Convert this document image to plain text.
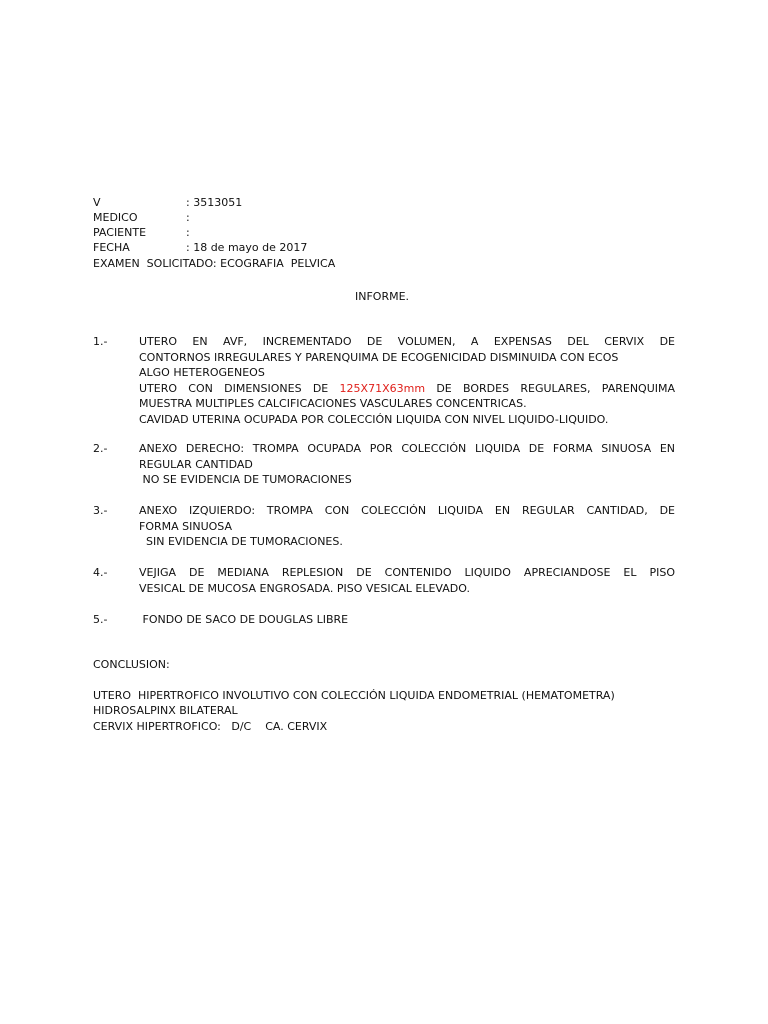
V	: 3513051
MEDICO	:
PACIENTE	:
FECHA	: 18 de mayo de 2017
EXAMEN  SOLICITADO: ECOGRAFIA  PELVICA
INFORME.
1.-	UTERO EN AVF, INCREMENTADO DE VOLUMEN, A EXPENSAS DEL CERVIX DE
CONTORNOS IRREGULARES Y PARENQUIMA DE ECOGENICIDAD DISMINUIDA CON ECOS
ALGO HETEROGENEOS
UTERO CON DIMENSIONES DE 125X71X63mm DE BORDES REGULARES, PARENQUIMA
MUESTRA MULTIPLES CALCIFICACIONES VASCULARES CONCENTRICAS.
CAVIDAD UTERINA OCUPADA POR COLECCIÓN LIQUIDA CON NIVEL LIQUIDO-LIQUIDO.
2.-	ANEXO DERECHO: TROMPA OCUPADA POR COLECCIÓN LIQUIDA DE FORMA SINUOSA EN
REGULAR CANTIDAD
NO SE EVIDENCIA DE TUMORACIONES
3.-	ANEXO IZQUIERDO: TROMPA CON COLECCIÓN LIQUIDA EN REGULAR CANTIDAD, DE
FORMA SINUOSA
SIN EVIDENCIA DE TUMORACIONES.
4.-	VEJIGA DE MEDIANA REPLESION DE CONTENIDO LIQUIDO APRECIANDOSE EL PISO
VESICAL DE MUCOSA ENGROSADA. PISO VESICAL ELEVADO.
5.-	FONDO DE SACO DE DOUGLAS LIBRE
CONCLUSION:
UTERO  HIPERTROFICO INVOLUTIVO CON COLECCIÓN LIQUIDA ENDOMETRIAL (HEMATOMETRA)
HIDROSALPINX BILATERAL
CERVIX HIPERTROFICO:   D/C    CA. CERVIX
